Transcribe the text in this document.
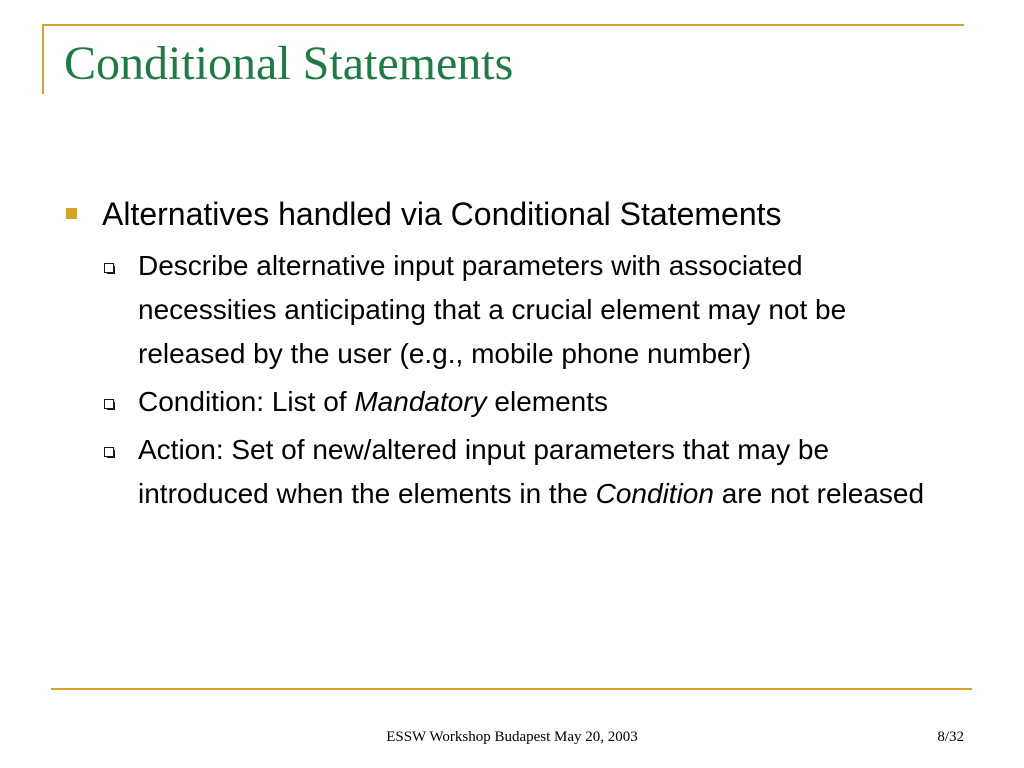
Conditional Statements
Alternatives handled via Conditional Statements
Describe alternative input parameters with associated necessities anticipating that a crucial element may not be released by the user (e.g., mobile phone number)
Condition: List of Mandatory elements
Action: Set of new/altered input parameters that may be introduced when the elements in the Condition are not released
ESSW Workshop Budapest May 20, 2003	8/32
